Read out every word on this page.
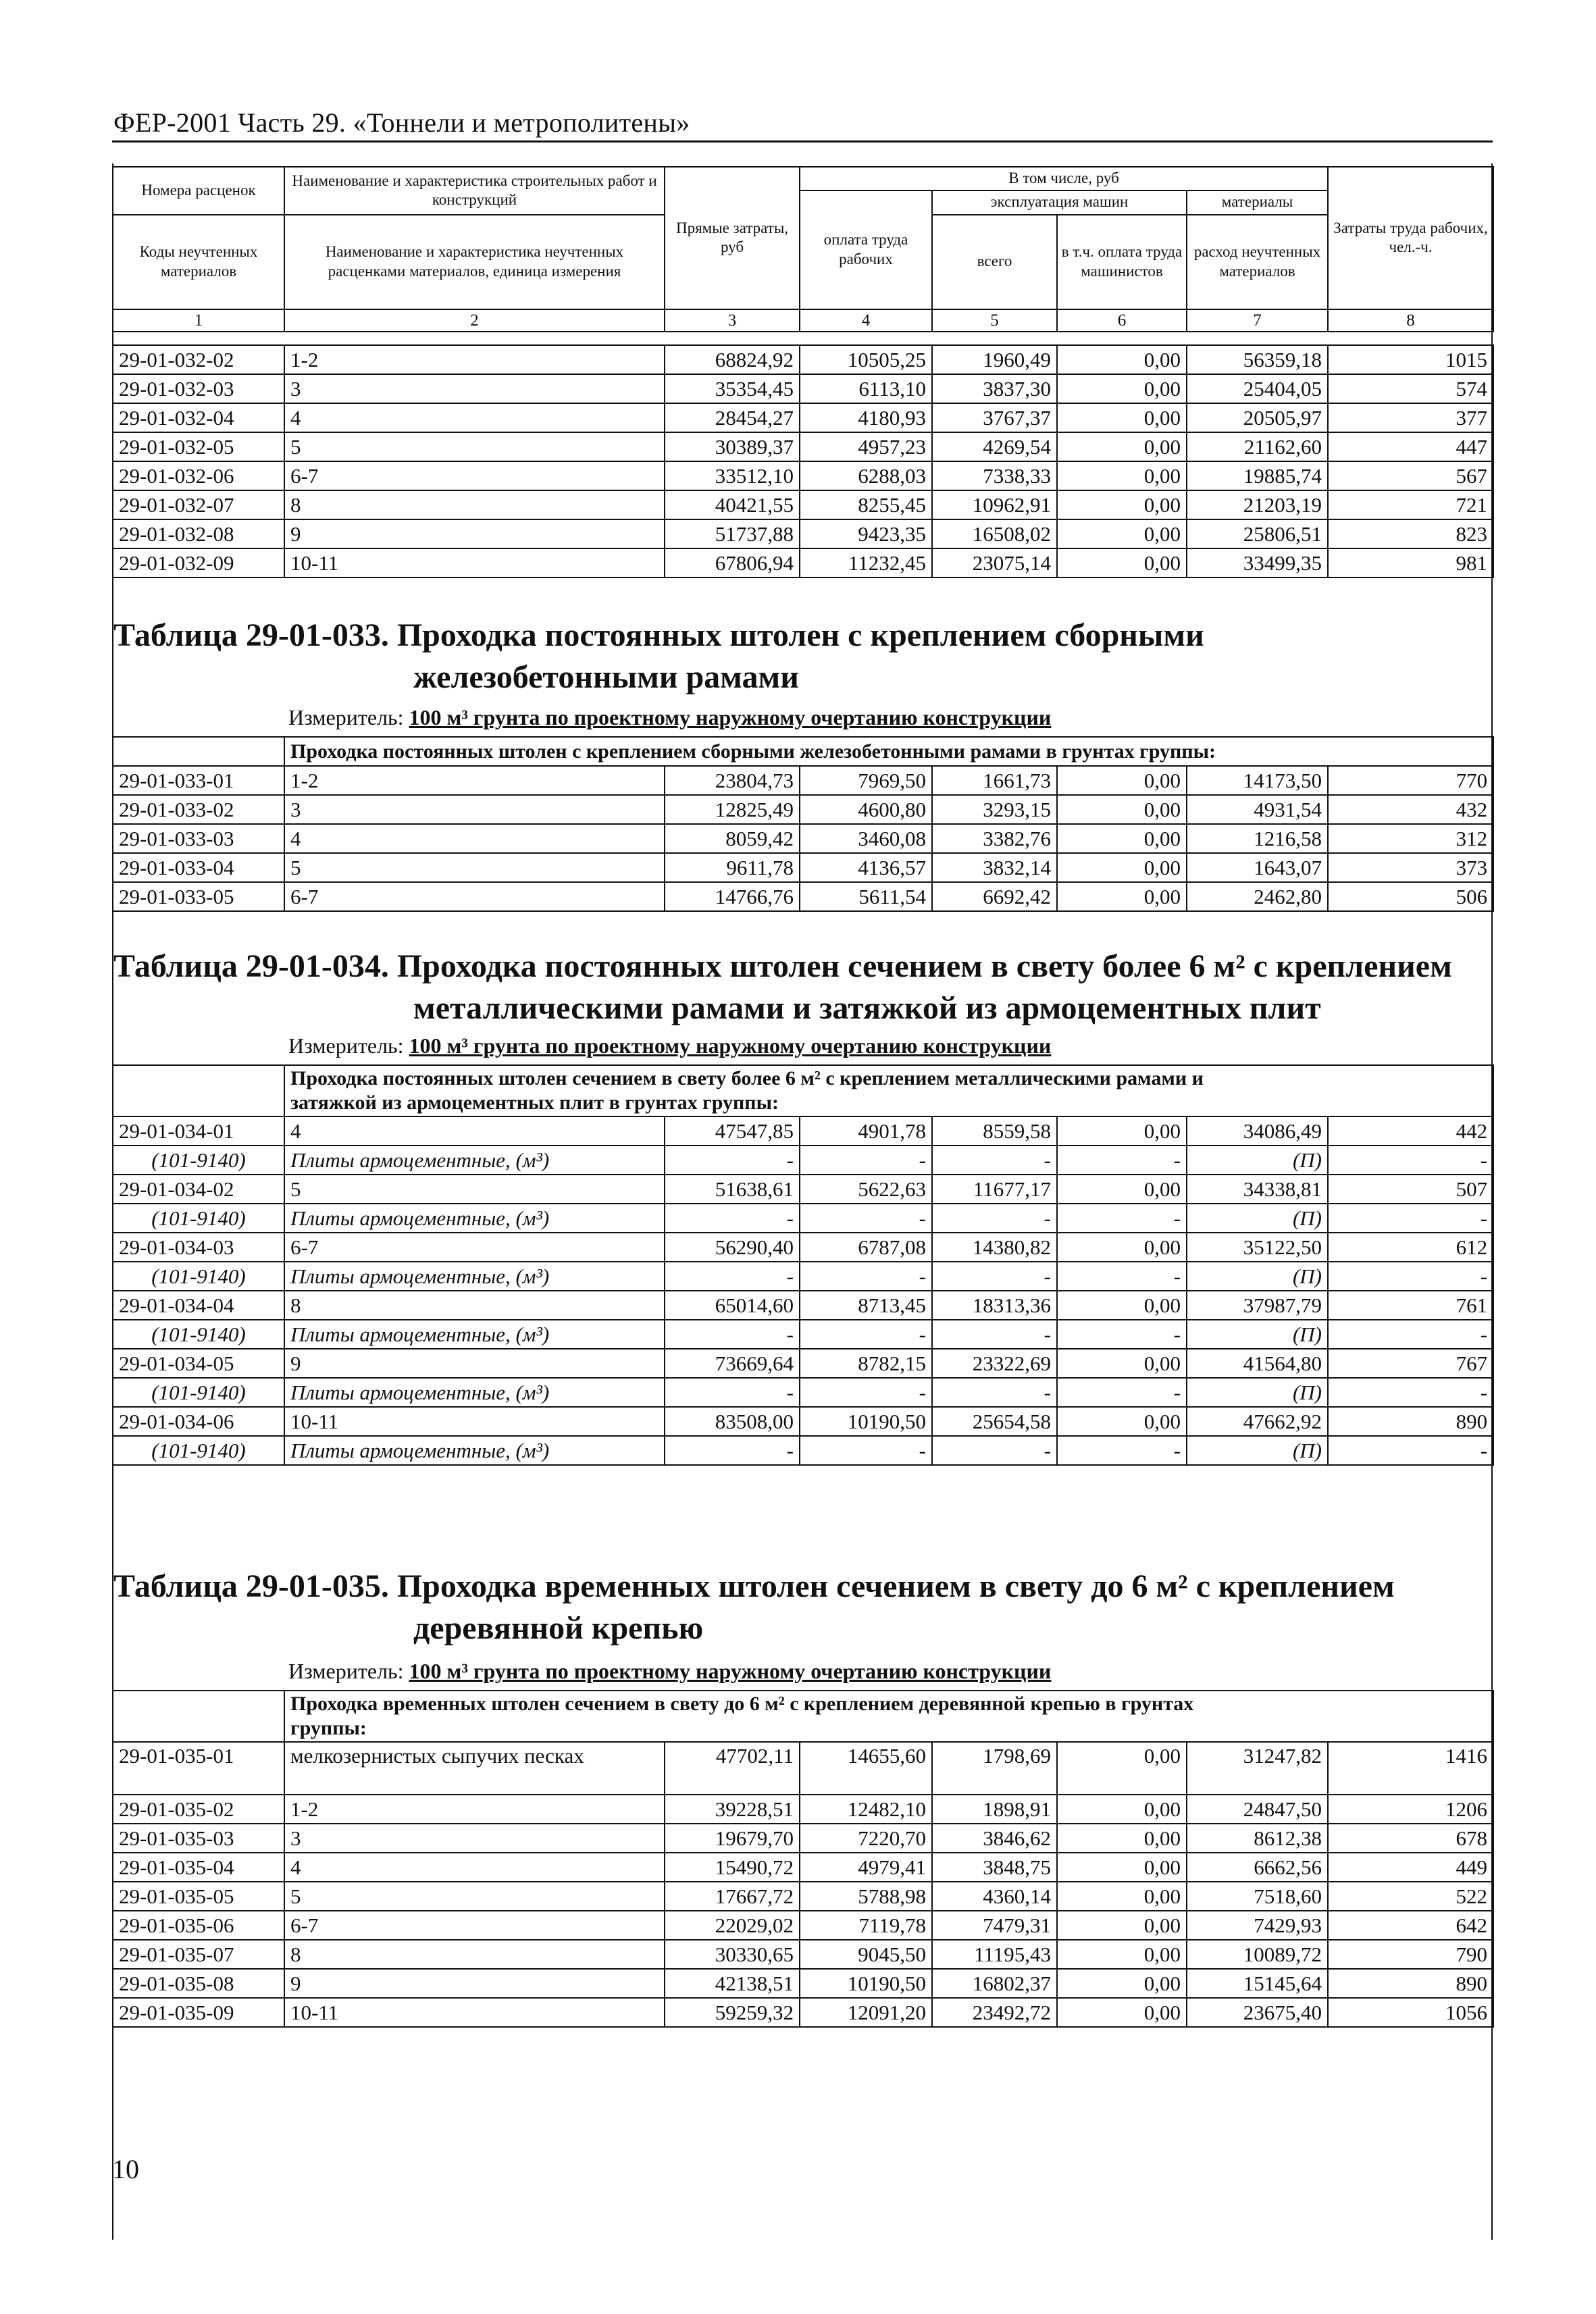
ФЕР-2001 Часть 29. «Тоннели и метрополитены»
Номера расценок	Наименование и характеристика строительных работ и конструкций	Прямые затраты, руб	В том числе, руб				Затраты труда рабочих, чел.-ч.
			оплата труда рабочих	эксплуатация машин		материалы	
Коды неучтенных материалов	Наименование и характеристика неучтенных расценками материалов, единица измерения			всего	в т.ч. оплата труда машинистов	расход неучтенных материалов	

1	2	3	4	5	6	7	8
29-01-032-02	1-2	68824,92	10505,25	1960,49	0,00	56359,18	1015
29-01-032-03	3	35354,45	6113,10	3837,30	0,00	25404,05	574
29-01-032-04	4	28454,27	4180,93	3767,37	0,00	20505,97	377
29-01-032-05	5	30389,37	4957,23	4269,54	0,00	21162,60	447
29-01-032-06	6-7	33512,10	6288,03	7338,33	0,00	19885,74	567
29-01-032-07	8	40421,55	8255,45	10962,91	0,00	21203,19	721
29-01-032-08	9	51737,88	9423,35	16508,02	0,00	25806,51	823
29-01-032-09	10-11	67806,94	11232,45	23075,14	0,00	33499,35	981
Таблица 29-01-033. Проходка постоянных штолен с креплением сборными
железобетонными рамами
Измеритель: 100 м³ грунта по проектному наружному очертанию конструкции
	Проходка постоянных штолен с креплением сборными железобетонными рамами в грунтах группы:						
29-01-033-01	1-2	23804,73	7969,50	1661,73	0,00	14173,50	770
29-01-033-02	3	12825,49	4600,80	3293,15	0,00	4931,54	432
29-01-033-03	4	8059,42	3460,08	3382,76	0,00	1216,58	312
29-01-033-04	5	9611,78	4136,57	3832,14	0,00	1643,07	373
29-01-033-05	6-7	14766,76	5611,54	6692,42	0,00	2462,80	506
Таблица 29-01-034. Проходка постоянных штолен сечением в свету более 6 м² с креплением
металлическими рамами и затяжкой из армоцементных плит
Измеритель: 100 м³ грунта по проектному наружному очертанию конструкции
	Проходка постоянных штолен сечением в свету более 6 м² с креплением металлическими рамами и
затяжкой из армоцементных плит в грунтах группы:						
29-01-034-01	4	47547,85	4901,78	8559,58	0,00	34086,49	442
(101-9140)	Плиты армоцементные, (м³)	-	-	-	-	(П)	-
29-01-034-02	5	51638,61	5622,63	11677,17	0,00	34338,81	507
(101-9140)	Плиты армоцементные, (м³)	-	-	-	-	(П)	-
29-01-034-03	6-7	56290,40	6787,08	14380,82	0,00	35122,50	612
(101-9140)	Плиты армоцементные, (м³)	-	-	-	-	(П)	-
29-01-034-04	8	65014,60	8713,45	18313,36	0,00	37987,79	761
(101-9140)	Плиты армоцементные, (м³)	-	-	-	-	(П)	-
29-01-034-05	9	73669,64	8782,15	23322,69	0,00	41564,80	767
(101-9140)	Плиты армоцементные, (м³)	-	-	-	-	(П)	-
29-01-034-06	10-11	83508,00	10190,50	25654,58	0,00	47662,92	890
(101-9140)	Плиты армоцементные, (м³)	-	-	-	-	(П)	-
Таблица 29-01-035. Проходка временных штолен сечением в свету до 6 м² с креплением
деревянной крепью
Измеритель: 100 м³ грунта по проектному наружному очертанию конструкции
	Проходка временных штолен сечением в свету до 6 м² с креплением деревянной крепью в грунтах
группы:						
29-01-035-01	мелкозернистых сыпучих песках	47702,11	14655,60	1798,69	0,00	31247,82	1416
29-01-035-02	1-2	39228,51	12482,10	1898,91	0,00	24847,50	1206
29-01-035-03	3	19679,70	7220,70	3846,62	0,00	8612,38	678
29-01-035-04	4	15490,72	4979,41	3848,75	0,00	6662,56	449
29-01-035-05	5	17667,72	5788,98	4360,14	0,00	7518,60	522
29-01-035-06	6-7	22029,02	7119,78	7479,31	0,00	7429,93	642
29-01-035-07	8	30330,65	9045,50	11195,43	0,00	10089,72	790
29-01-035-08	9	42138,51	10190,50	16802,37	0,00	15145,64	890
29-01-035-09	10-11	59259,32	12091,20	23492,72	0,00	23675,40	1056
10
